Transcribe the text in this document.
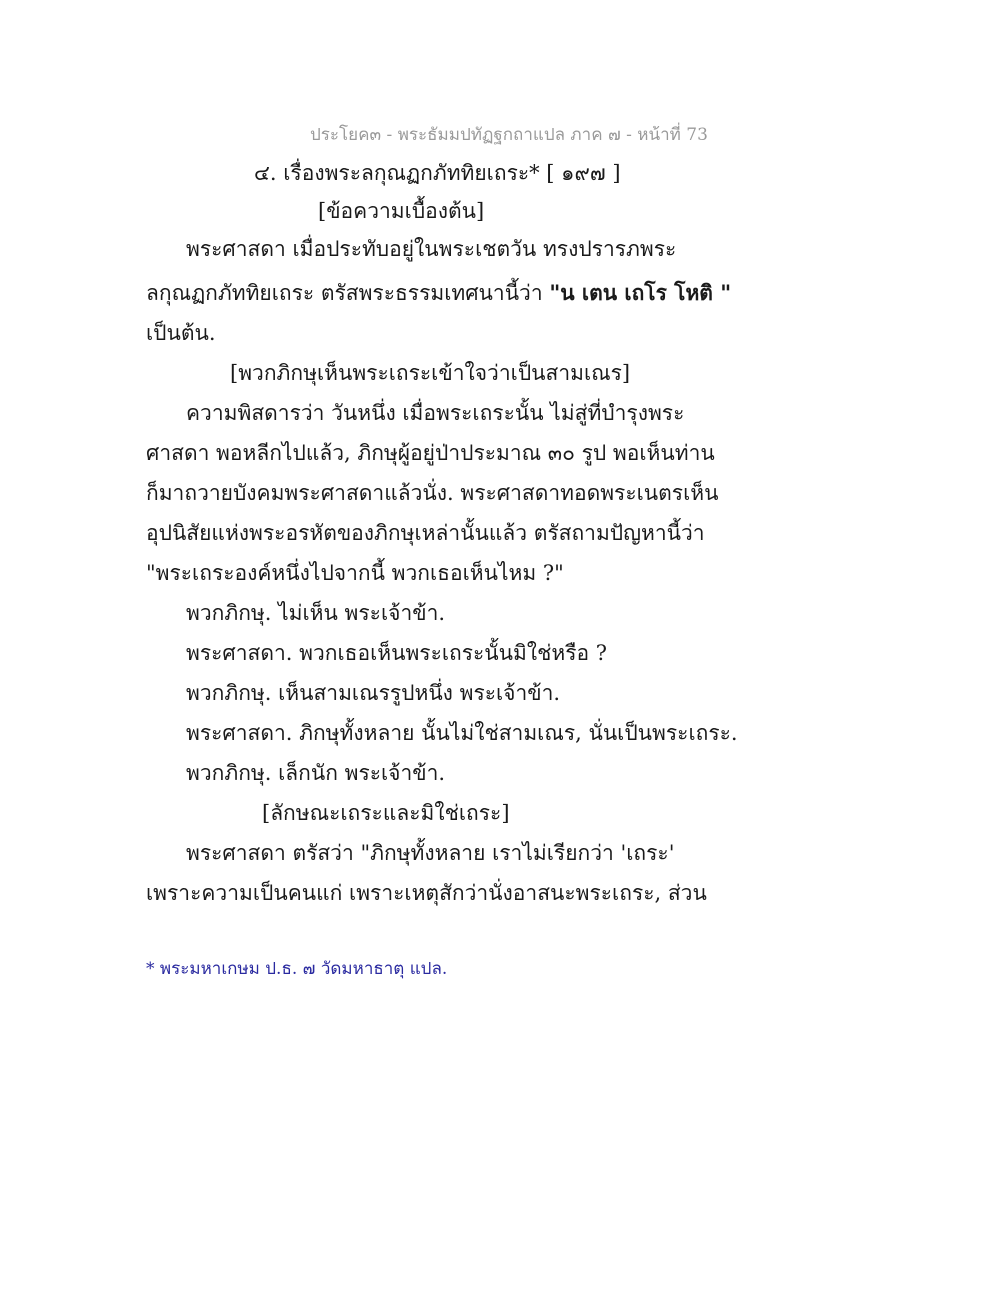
ประโยค๓ - พระธัมมปทัฏฐกถาแปล ภาค ๗ - หน้าที่ 73
๔. เรื่องพระลกุณฏกภัททิยเถระ* [ ๑๙๗ ]
[ข้อความเบื้องต้น]
พระศาสดา เมื่อประทับอยู่ในพระเชตวัน ทรงปรารภพระ
ลกุณฏกภัททิยเถระ ตรัสพระธรรมเทศนานี้ว่า "น เตน เถโร โหติ "
เป็นต้น.
[พวกภิกษุเห็นพระเถระเข้าใจว่าเป็นสามเณร]
ความพิสดารว่า วันหนึ่ง เมื่อพระเถระนั้น ไม่สู่ที่บำรุงพระ
ศาสดา พอหลีกไปแล้ว, ภิกษุผู้อยู่ป่าประมาณ ๓๐ รูป พอเห็นท่าน
ก็มาถวายบังคมพระศาสดาแล้วนั่ง. พระศาสดาทอดพระเนตรเห็น
อุปนิสัยแห่งพระอรหัตของภิกษุเหล่านั้นแล้ว ตรัสถามปัญหานี้ว่า
"พระเถระองค์หนึ่งไปจากนี้ พวกเธอเห็นไหม ?"
พวกภิกษุ. ไม่เห็น พระเจ้าข้า.
พระศาสดา. พวกเธอเห็นพระเถระนั้นมิใช่หรือ ?
พวกภิกษุ. เห็นสามเณรรูปหนึ่ง พระเจ้าข้า.
พระศาสดา. ภิกษุทั้งหลาย นั้นไม่ใช่สามเณร, นั่นเป็นพระเถระ.
พวกภิกษุ. เล็กนัก พระเจ้าข้า.
[ลักษณะเถระและมิใช่เถระ]
พระศาสดา ตรัสว่า "ภิกษุทั้งหลาย เราไม่เรียกว่า 'เถระ'
เพราะความเป็นคนแก่ เพราะเหตุสักว่านั่งอาสนะพระเถระ, ส่วน
* พระมหาเกษม ป.ธ. ๗ วัดมหาธาตุ แปล.
